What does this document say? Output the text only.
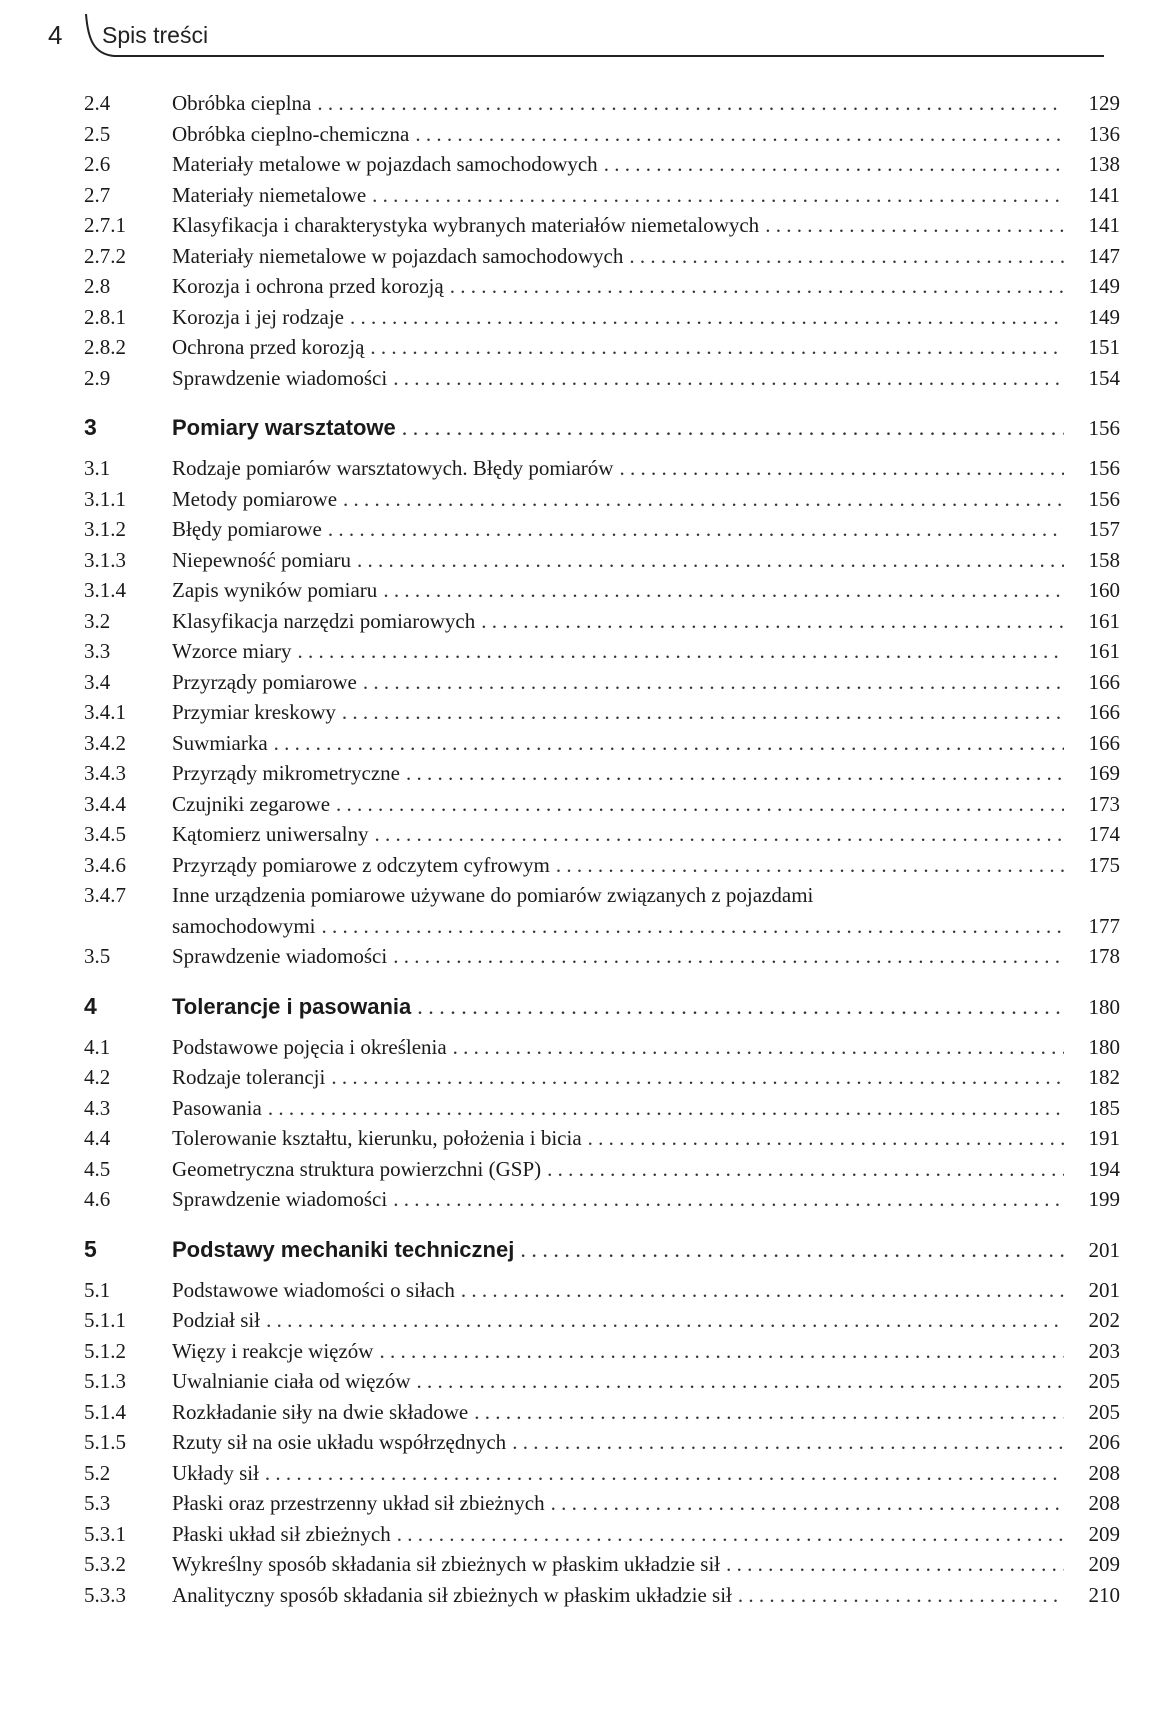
4 Spis treści
2.4	Obróbka cieplna . . .	129
2.5	Obróbka cieplno-chemiczna . . .	136
2.6	Materiały metalowe w pojazdach samochodowych . . .	138
2.7	Materiały niemetalowe . . .	141
2.7.1	Klasyfikacja i charakterystyka wybranych materiałów niemetalowych . . .	141
2.7.2	Materiały niemetalowe w pojazdach samochodowych . . .	147
2.8	Korozja i ochrona przed korozją . . .	149
2.8.1	Korozja i jej rodzaje . . .	149
2.8.2	Ochrona przed korozją . . .	151
2.9	Sprawdzenie wiadomości . . .	154
3	Pomiary warsztatowe . . .	156
3.1	Rodzaje pomiarów warsztatowych. Błędy pomiarów . . .	156
3.1.1	Metody pomiarowe . . .	156
3.1.2	Błędy pomiarowe . . .	157
3.1.3	Niepewność pomiaru . . .	158
3.1.4	Zapis wyników pomiaru . . .	160
3.2	Klasyfikacja narzędzi pomiarowych . . .	161
3.3	Wzorce miary . . .	161
3.4	Przyrządy pomiarowe . . .	166
3.4.1	Przymiar kreskowy . . .	166
3.4.2	Suwmiarka . . .	166
3.4.3	Przyrządy mikrometryczne . . .	169
3.4.4	Czujniki zegarowe . . .	173
3.4.5	Kątomierz uniwersalny . . .	174
3.4.6	Przyrządy pomiarowe z odczytem cyfrowym . . .	175
3.4.7	Inne urządzenia pomiarowe używane do pomiarów związanych z pojazdami
samochodowymi . . .	177
3.5	Sprawdzenie wiadomości . . .	178
4	Tolerancje i pasowania . . .	180
4.1	Podstawowe pojęcia i określenia . . .	180
4.2	Rodzaje tolerancji . . .	182
4.3	Pasowania . . .	185
4.4	Tolerowanie kształtu, kierunku, położenia i bicia . . .	191
4.5	Geometryczna struktura powierzchni (GSP) . . .	194
4.6	Sprawdzenie wiadomości . . .	199
5	Podstawy mechaniki technicznej . . .	201
5.1	Podstawowe wiadomości o siłach . . .	201
5.1.1	Podział sił . . .	202
5.1.2	Więzy i reakcje więzów . . .	203
5.1.3	Uwalnianie ciała od więzów . . .	205
5.1.4	Rozkładanie siły na dwie składowe . . .	205
5.1.5	Rzuty sił na osie układu współrzędnych . . .	206
5.2	Układy sił . . .	208
5.3	Płaski oraz przestrzenny układ sił zbieżnych . . .	208
5.3.1	Płaski układ sił zbieżnych . . .	209
5.3.2	Wykreślny sposób składania sił zbieżnych w płaskim układzie sił . . .	209
5.3.3	Analityczny sposób składania sił zbieżnych w płaskim układzie sił . . .	210
